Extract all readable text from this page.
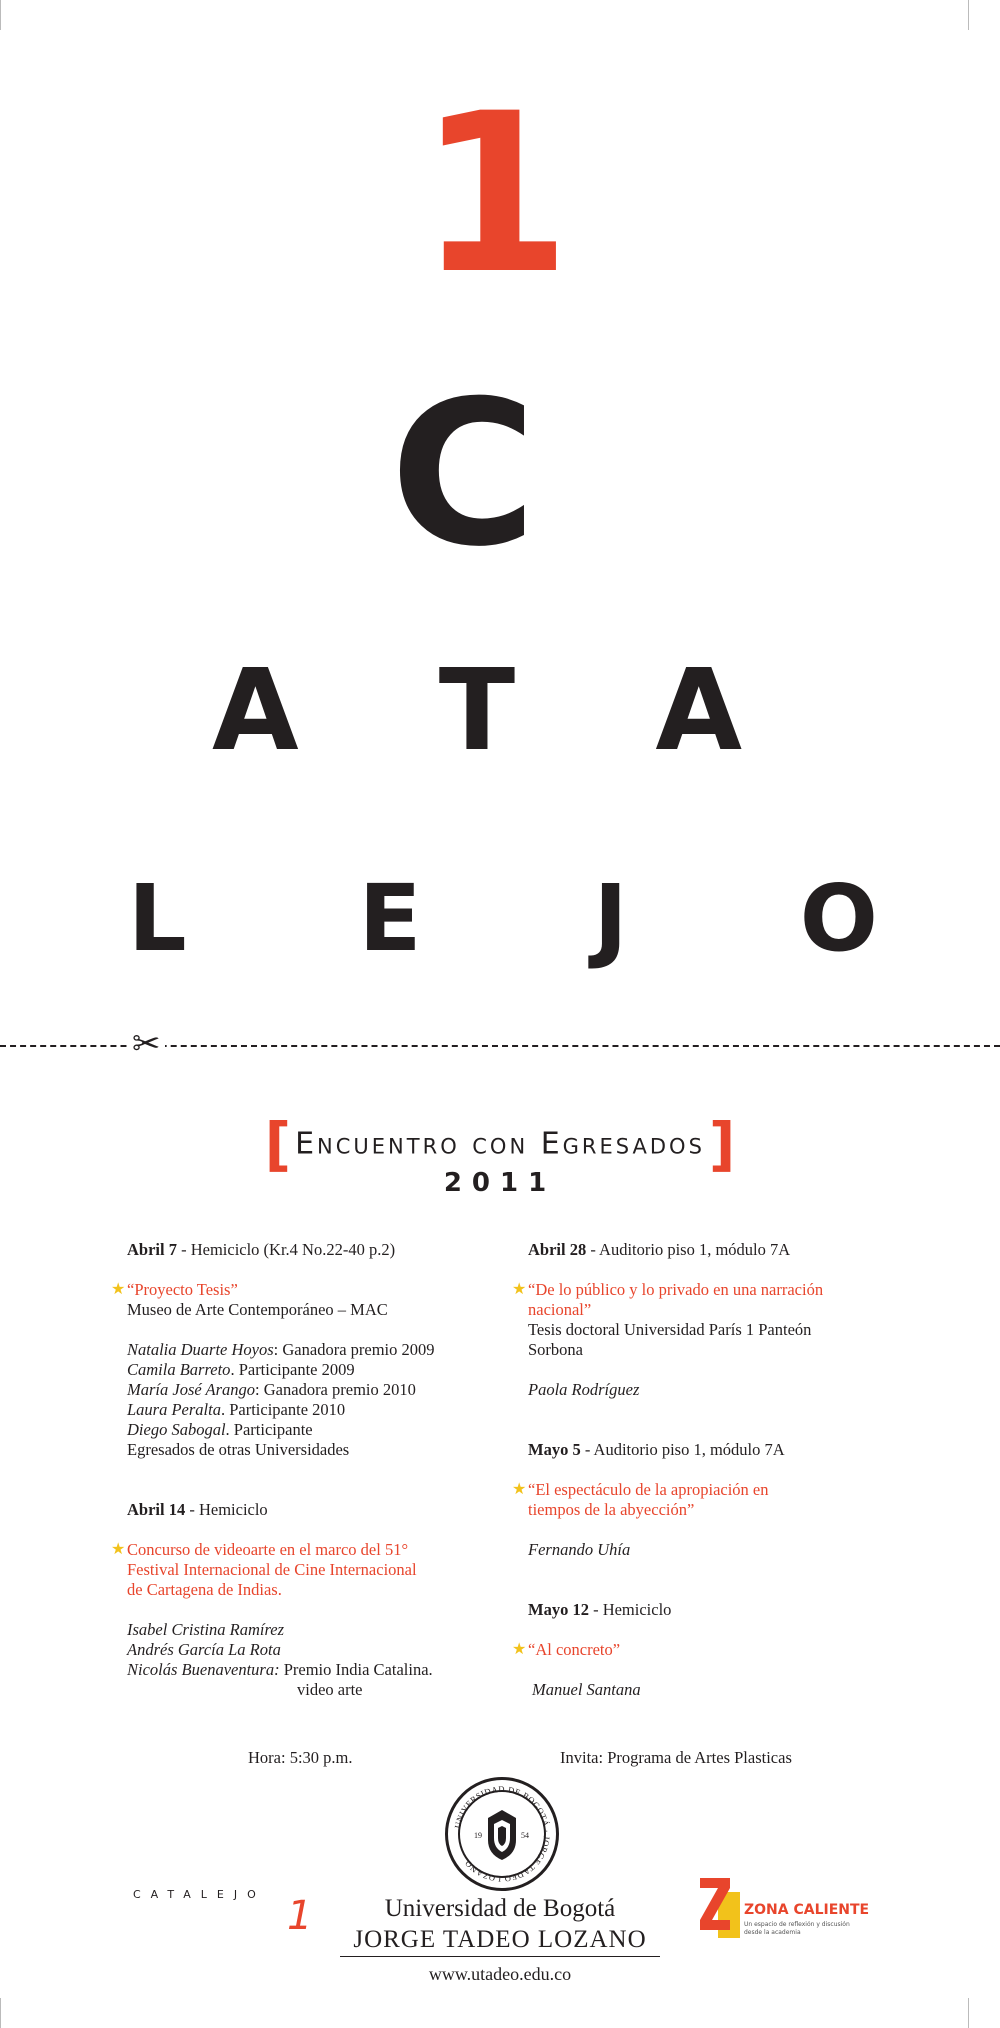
1
C
A T A
L E J O
✂
[ Encuentro con Egresados ]
2011

Abril 7 - Hemiciclo (Kr.4 No.22-40 p.2)

★ “Proyecto Tesis”

Museo de Arte Contemporáneo – MAC

Natalia Duarte Hoyos: Ganadora premio 2009

Camila Barreto. Participante 2009

María José Arango: Ganadora premio 2010

Laura Peralta. Participante 2010

Diego Sabogal. Participante

Egresados de otras Universidades

Abril 14 - Hemiciclo

★ Concurso de videoarte en el marco del 51°

Festival Internacional de Cine Internacional

de Cartagena de Indias.

Isabel Cristina Ramírez

Andrés García La Rota

Nicolás Buenaventura: Premio India Catalina.

video arte

Abril 28 - Auditorio piso 1, módulo 7A

★ “De lo público y lo privado en una narración

nacional”

Tesis doctoral Universidad París 1 Panteón

Sorbona

Paola Rodríguez

Mayo 5 - Auditorio piso 1, módulo 7A

★ “El espectáculo de la apropiación en

tiempos de la abyección”

Fernando Uhía

Mayo 12 - Hemiciclo

★ “Al concreto”

Manuel Santana

Hora: 5:30 p.m.	Invita: Programa de Artes Plasticas
UNIVERSIDAD DE BOGOTÁ · JORGE TADEO LOZANO
19	54
Universidad de Bogotá
JORGE TADEO LOZANO
www.utadeo.edu.co
CATALEJO 1	ZONA CALIENTE
Un espacio de reflexión y discusión
desde la academia
